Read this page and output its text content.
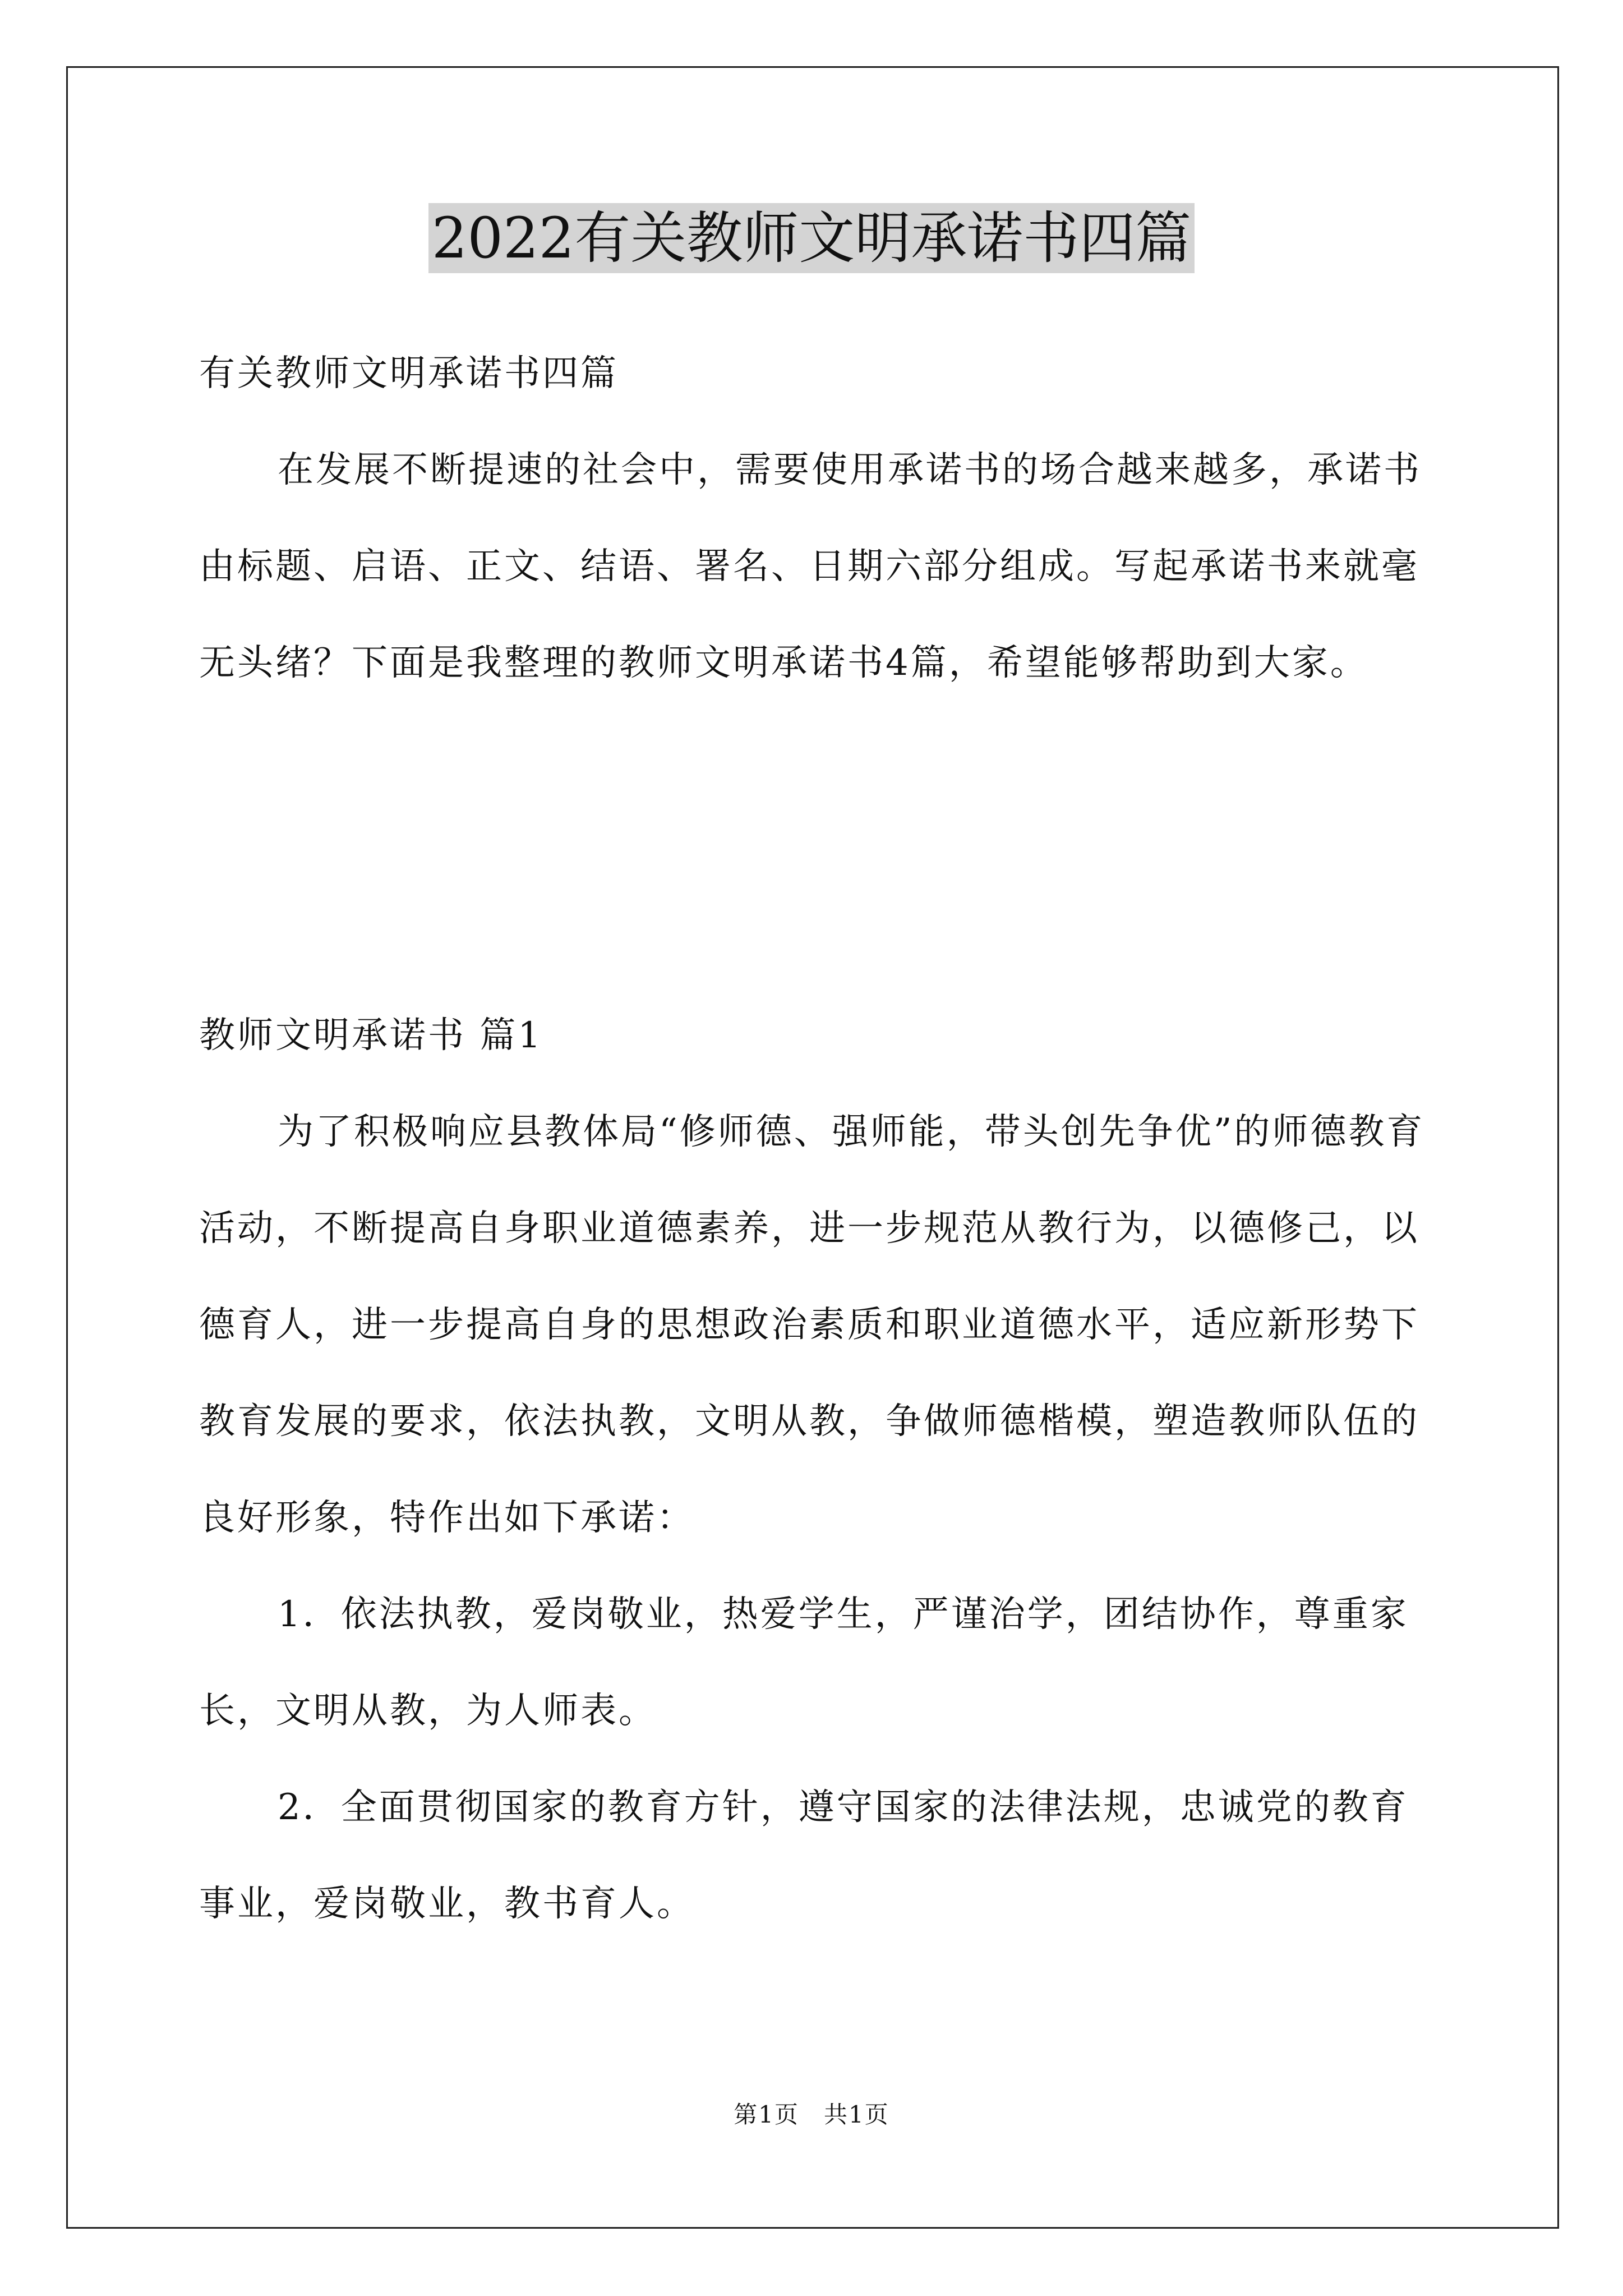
2022有关教师文明承诺书四篇

有关教师文明承诺书四篇

在发展不断提速的社会中，需要使用承诺书的场合越来越多，承诺书由标题、启语、正文、结语、署名、日期六部分组成。写起承诺书来就毫无头绪？下面是我整理的教师文明承诺书4篇，希望能够帮助到大家。

教师文明承诺书 篇1

为了积极响应县教体局“修师德、强师能，带头创先争优”的师德教育活动，不断提高自身职业道德素养，进一步规范从教行为，以德修己，以德育人，进一步提高自身的思想政治素质和职业道德水平，适应新形势下教育发展的要求，依法执教，文明从教，争做师德楷模，塑造教师队伍的良好形象，特作出如下承诺：

1．依法执教，爱岗敬业，热爱学生，严谨治学，团结协作，尊重家长，文明从教，为人师表。

2．全面贯彻国家的教育方针，遵守国家的法律法规，忠诚党的教育事业，爱岗敬业，教书育人。

第1页　共1页
